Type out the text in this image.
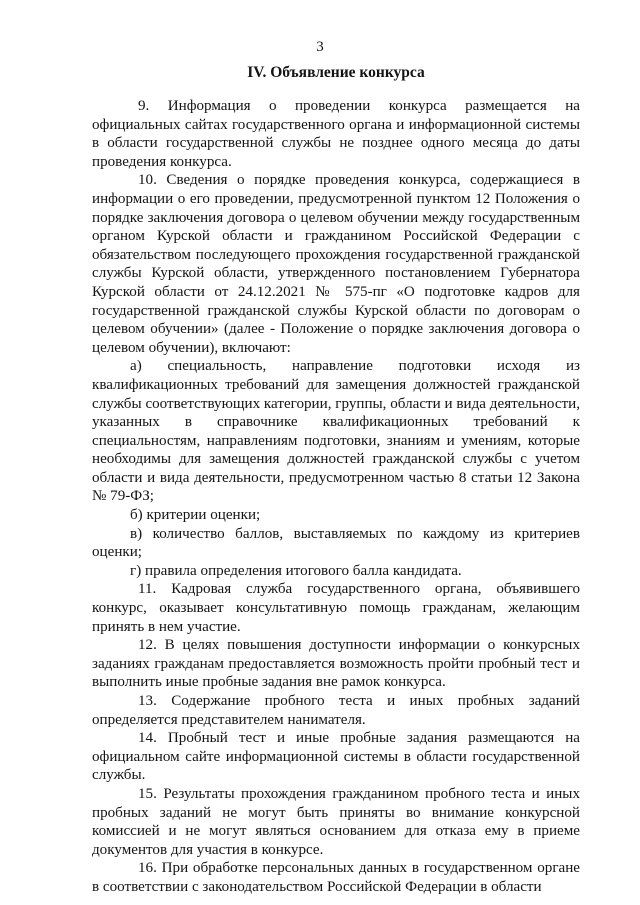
3
IV. Объявление конкурса

9. Информация о проведении конкурса размещается на официальных сайтах государственного органа и информационной системы в области государственной службы не позднее одного месяца до даты проведения конкурса.

10. Сведения о порядке проведения конкурса, содержащиеся в информации о его проведении, предусмотренной пунктом 12 Положения о порядке заключения договора о целевом обучении между государственным органом Курской области и гражданином Российской Федерации с обязательством последующего прохождения государственной гражданской службы Курской области, утвержденного постановлением Губернатора Курской области от 24.12.2021 № 575-пг «О подготовке кадров для государственной гражданской службы Курской области по договорам о целевом обучении» (далее - Положение о порядке заключения договора о целевом обучении), включают:

а) специальность, направление подготовки исходя из квалификационных требований для замещения должностей гражданской службы соответствующих категории, группы, области и вида деятельности, указанных в справочнике квалификационных требований к специальностям, направлениям подготовки, знаниям и умениям, которые необходимы для замещения должностей гражданской службы с учетом области и вида деятельности, предусмотренном частью 8 статьи 12 Закона № 79-ФЗ;

б) критерии оценки;

в) количество баллов, выставляемых по каждому из критериев оценки;

г) правила определения итогового балла кандидата.

11. Кадровая служба государственного органа, объявившего конкурс, оказывает консультативную помощь гражданам, желающим принять в нем участие.

12. В целях повышения доступности информации о конкурсных заданиях гражданам предоставляется возможность пройти пробный тест и выполнить иные пробные задания вне рамок конкурса.

13. Содержание пробного теста и иных пробных заданий определяется представителем нанимателя.

14. Пробный тест и иные пробные задания размещаются на официальном сайте информационной системы в области государственной службы.

15. Результаты прохождения гражданином пробного теста и иных пробных заданий не могут быть приняты во внимание конкурсной комиссией и не могут являться основанием для отказа ему в приеме документов для участия в конкурсе.

16. При обработке персональных данных в государственном органе в соответствии с законодательством Российской Федерации в области
